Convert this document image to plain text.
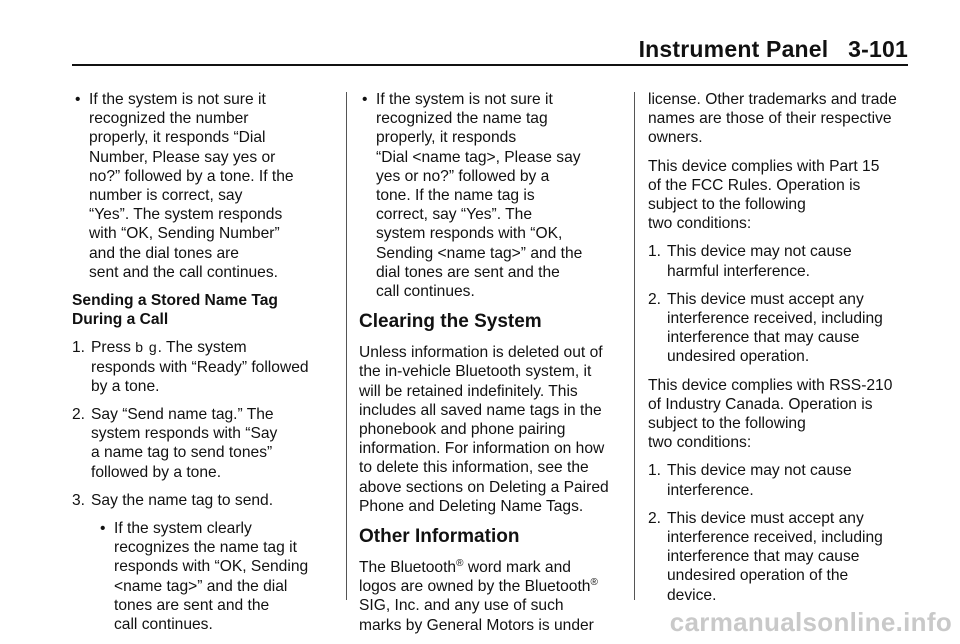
Instrument Panel 3-101
• If the system is not sure it
recognized the number
properly, it responds “Dial
Number, Please say yes or
no?” followed by a tone. If the
number is correct, say
“Yes”. The system responds
with “OK, Sending Number”
and the dial tones are
sent and the call continues.

Sending a Stored Name Tag
During a Call

1. Press b g. The system
responds with “Ready” followed
by a tone.
2. Say “Send name tag.” The
system responds with “Say
a name tag to send tones”
followed by a tone.
3. Say the name tag to send.
• If the system clearly
recognizes the name tag it
responds with “OK, Sending
<name tag>” and the dial
tones are sent and the
call continues.
• If the system is not sure it
recognized the name tag
properly, it responds
“Dial <name tag>, Please say
yes or no?” followed by a
tone. If the name tag is
correct, say “Yes”. The
system responds with “OK,
Sending <name tag>” and the
dial tones are sent and the
call continues.
Clearing the System

Unless information is deleted out of
the in-vehicle Bluetooth system, it
will be retained indefinitely. This
includes all saved name tags in the
phonebook and phone pairing
information. For information on how
to delete this information, see the
above sections on Deleting a Paired
Phone and Deleting Name Tags.

Other Information

The Bluetooth® word mark and
logos are owned by the Bluetooth®
SIG, Inc. and any use of such
marks by General Motors is under

license. Other trademarks and trade
names are those of their respective
owners.

This device complies with Part 15
of the FCC Rules. Operation is
subject to the following
two conditions:

1. This device may not cause
harmful interference.
2. This device must accept any
interference received, including
interference that may cause
undesired operation.

This device complies with RSS-210
of Industry Canada. Operation is
subject to the following
two conditions:

1. This device may not cause
interference.
2. This device must accept any
interference received, including
interference that may cause
undesired operation of the
device.
carmanualsonline.info
